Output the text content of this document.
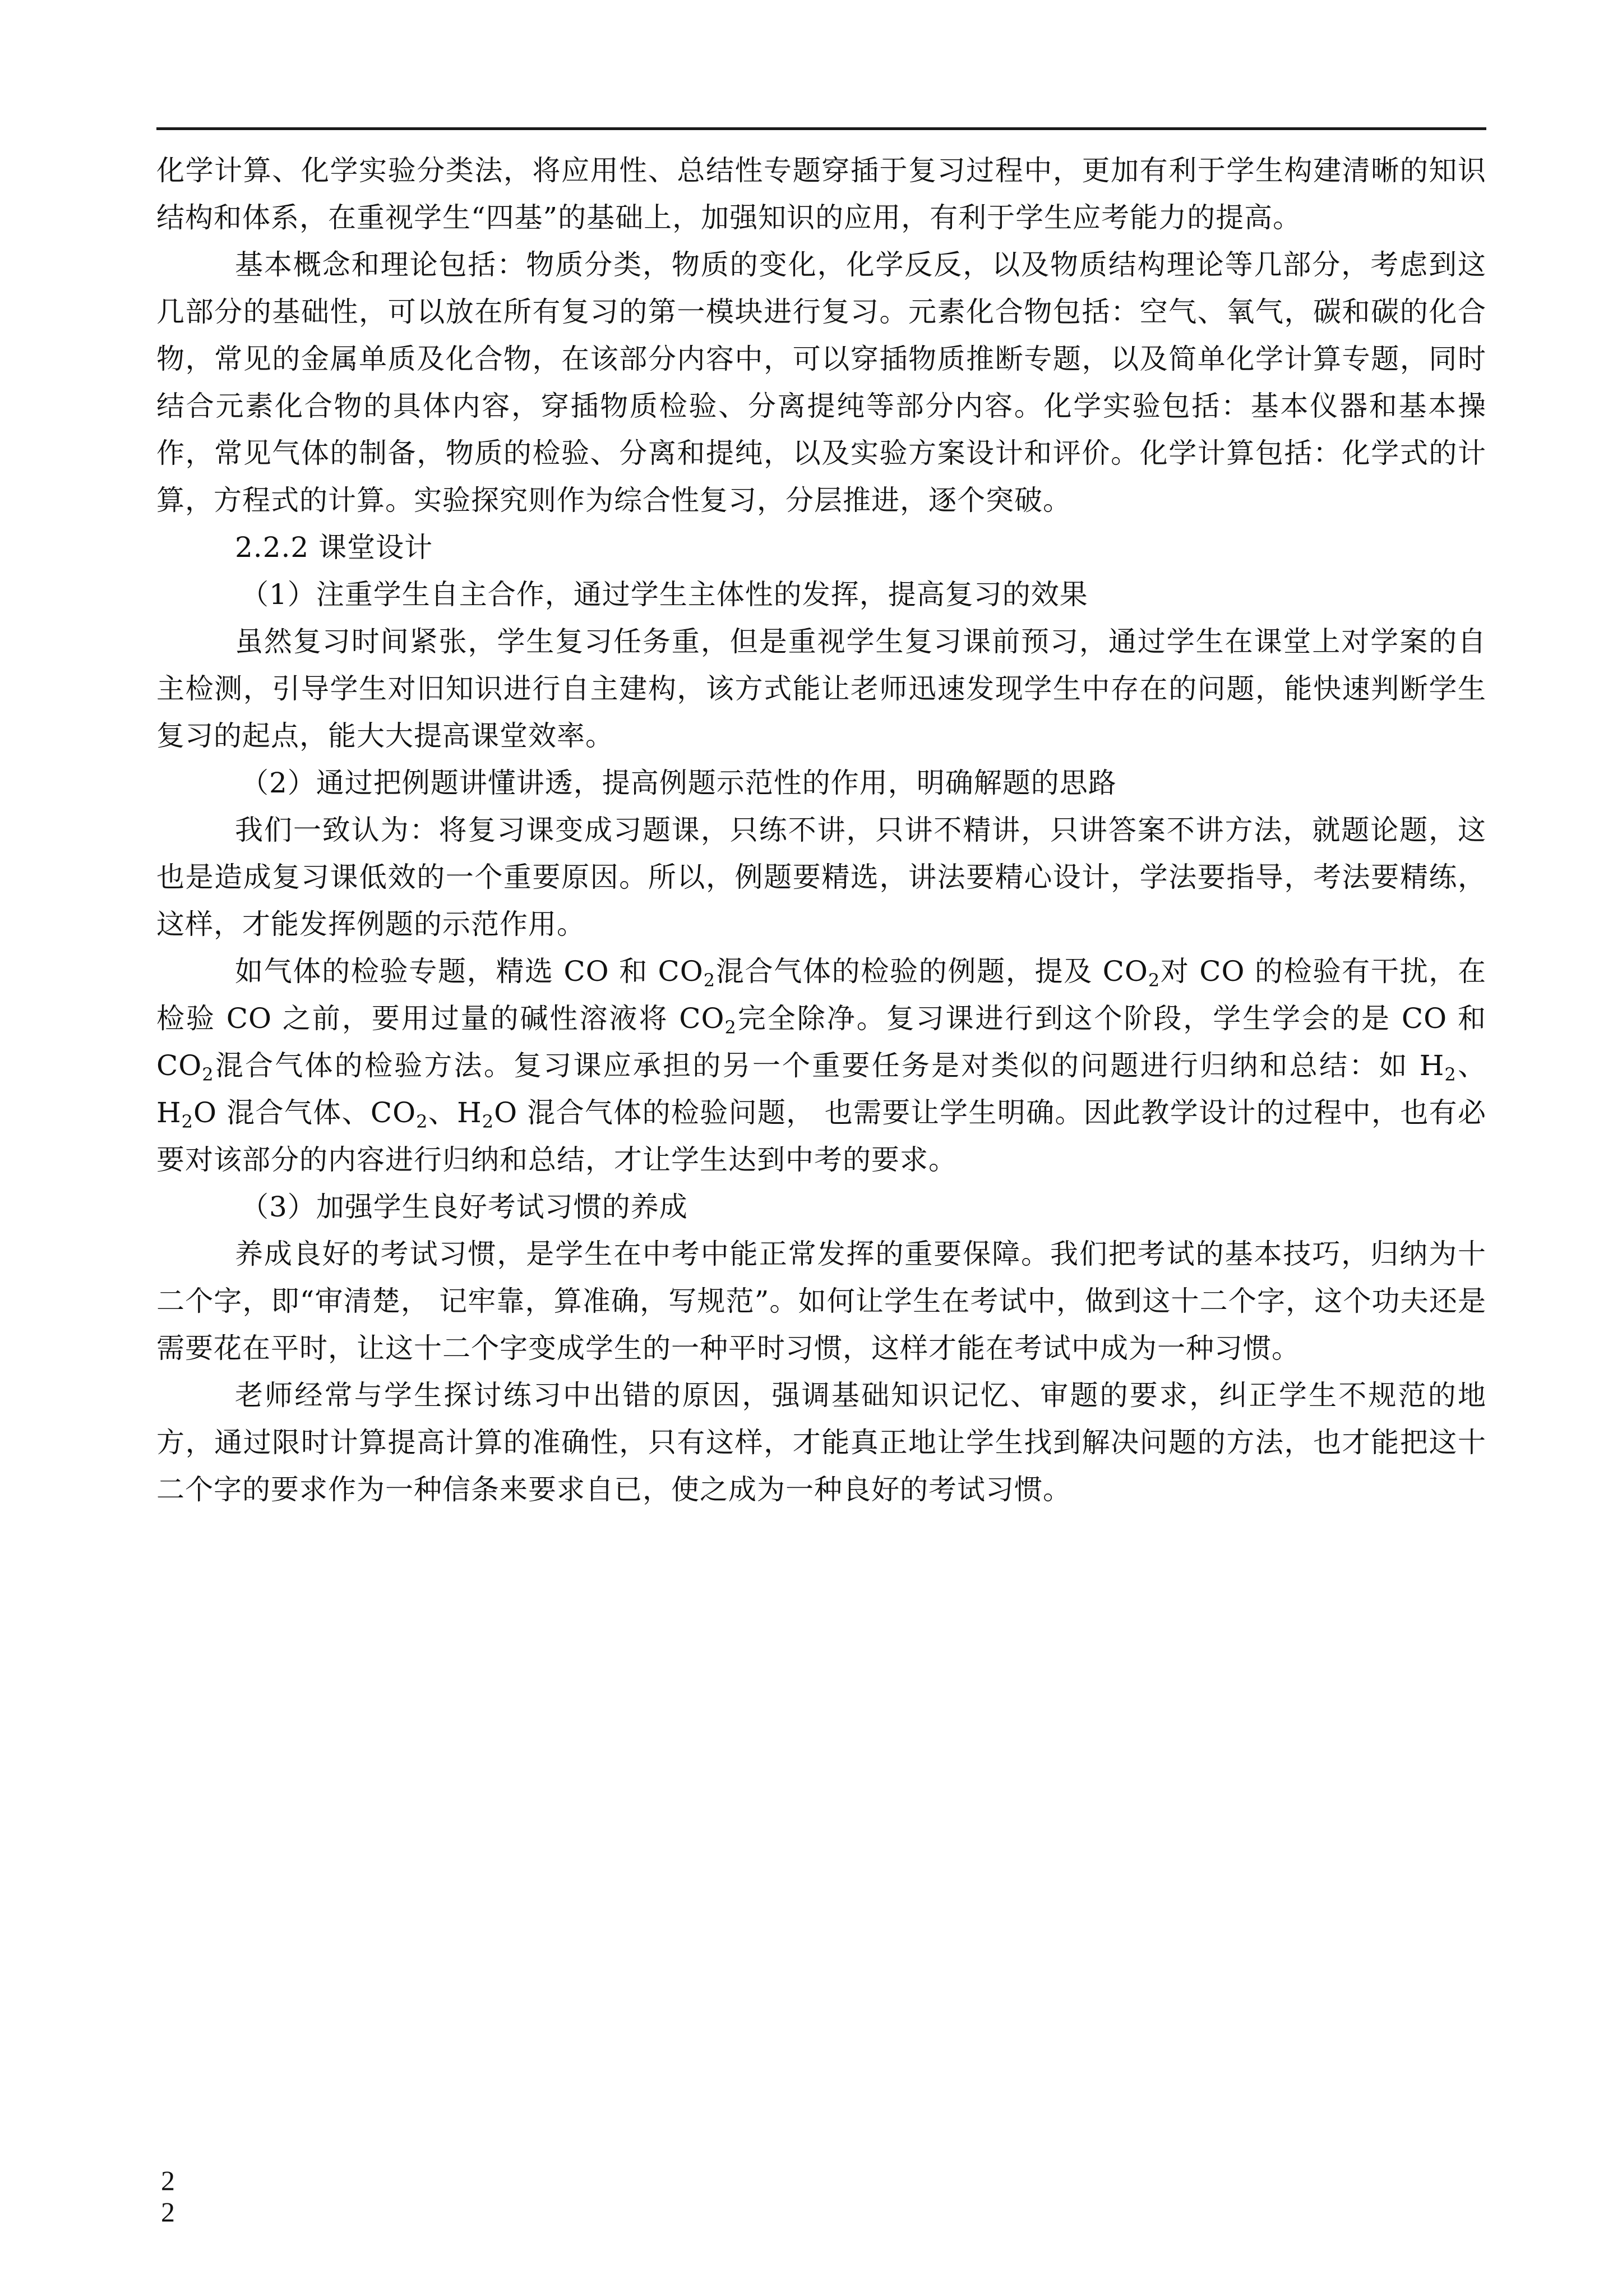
化学计算、化学实验分类法，将应用性、总结性专题穿插于复习过程中，更加有利于学生构建清晰的知识结构和体系，在重视学生“四基”的基础上，加强知识的应用，有利于学生应考能力的提高。

基本概念和理论包括：物质分类，物质的变化，化学反反，以及物质结构理论等几部分，考虑到这几部分的基础性，可以放在所有复习的第一模块进行复习。元素化合物包括：空气、氧气，碳和碳的化合物，常见的金属单质及化合物，在该部分内容中，可以穿插物质推断专题，以及简单化学计算专题，同时结合元素化合物的具体内容，穿插物质检验、分离提纯等部分内容。化学实验包括：基本仪器和基本操作，常见气体的制备，物质的检验、分离和提纯，以及实验方案设计和评价。化学计算包括：化学式的计算，方程式的计算。实验探究则作为综合性复习，分层推进，逐个突破。

2.2.2 课堂设计

（1）注重学生自主合作，通过学生主体性的发挥，提高复习的效果

虽然复习时间紧张，学生复习任务重，但是重视学生复习课前预习，通过学生在课堂上对学案的自主检测，引导学生对旧知识进行自主建构，该方式能让老师迅速发现学生中存在的问题，能快速判断学生复习的起点，能大大提高课堂效率。

（2）通过把例题讲懂讲透，提高例题示范性的作用，明确解题的思路

我们一致认为：将复习课变成习题课，只练不讲，只讲不精讲，只讲答案不讲方法，就题论题，这也是造成复习课低效的一个重要原因。所以，例题要精选，讲法要精心设计，学法要指导，考法要精练，这样，才能发挥例题的示范作用。

如气体的检验专题，精选 CO 和 $CO_2$混合气体的检验的例题，提及 $CO_2$对 CO 的检验有干扰，在检验 CO 之前，要用过量的碱性溶液将 $CO_2$完全除净。复习课进行到这个阶段，学生学会的是 CO 和 $CO_2$混合气体的检验方法。复习课应承担的另一个重要任务是对类似的问题进行归纳和总结：如 $H_2$、$H_2O$ 混合气体、$CO_2$、$H_2O$ 混合气体的检验问题， 也需要让学生明确。因此教学设计的过程中，也有必要对该部分的内容进行归纳和总结，才让学生达到中考的要求。

（3）加强学生良好考试习惯的养成

养成良好的考试习惯，是学生在中考中能正常发挥的重要保障。我们把考试的基本技巧，归纳为十二个字，即“审清楚， 记牢靠，算准确，写规范”。如何让学生在考试中，做到这十二个字，这个功夫还是需要花在平时，让这十二个字变成学生的一种平时习惯，这样才能在考试中成为一种习惯。

老师经常与学生探讨练习中出错的原因，强调基础知识记忆、审题的要求，纠正学生不规范的地方，通过限时计算提高计算的准确性，只有这样，才能真正地让学生找到解决问题的方法，也才能把这十二个字的要求作为一种信条来要求自已，使之成为一种良好的考试习惯。

2
2
